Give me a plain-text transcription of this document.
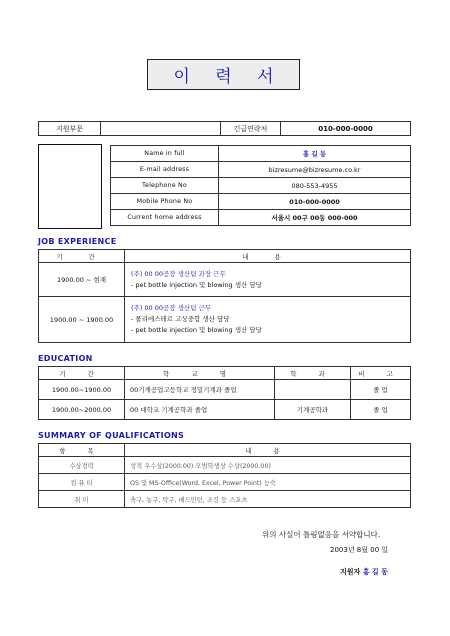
이 력 서
지원부문		긴급연락처	010-000-0000
Name in full	홍 길 동
E-mail address	bizresume@bizresume.co.kr
Telephone No	080-553-4955
Mobile Phone No	010-000-0000
Current home address	서울시 00구 00동 000-000
JOB EXPERIENCE
기 간	내 용
1900.00 ~ 현재	(주) 00 00공장 생산팀 과장 근무
- pet bottle injection 및 blowing 생산 담당

1900.00 ~ 1900.00	(주) 00 00공장 생산팀 근무
- 폴리에스테르 고상중합 생산 담당
- pet bottle injection 및 blowing 생산 담당
EDUCATION
기 간	학 교 명	학 과	비 고
1900.00~1900.00	00기계공업고등학교 정밀기계과 졸업		졸 업
1900.00~2000.00	00 대학교 기계공학과 졸업	기계공학과	졸 업
SUMMARY OF QUALIFICATIONS
항 목	내 용
수상경력	성적 우수상(2000.00) 모범학생상 수상(2000.00)
컴 퓨 터	OS 및 MS-Office(Word, Excel, Power Point) 능숙
취 미	축구, 농구, 탁구, 배드민턴, 조깅 등 스포츠
위의 사실이 틀림없음을 서약합니다.
2003년 8월 00 일
지원자 홍 길 동
